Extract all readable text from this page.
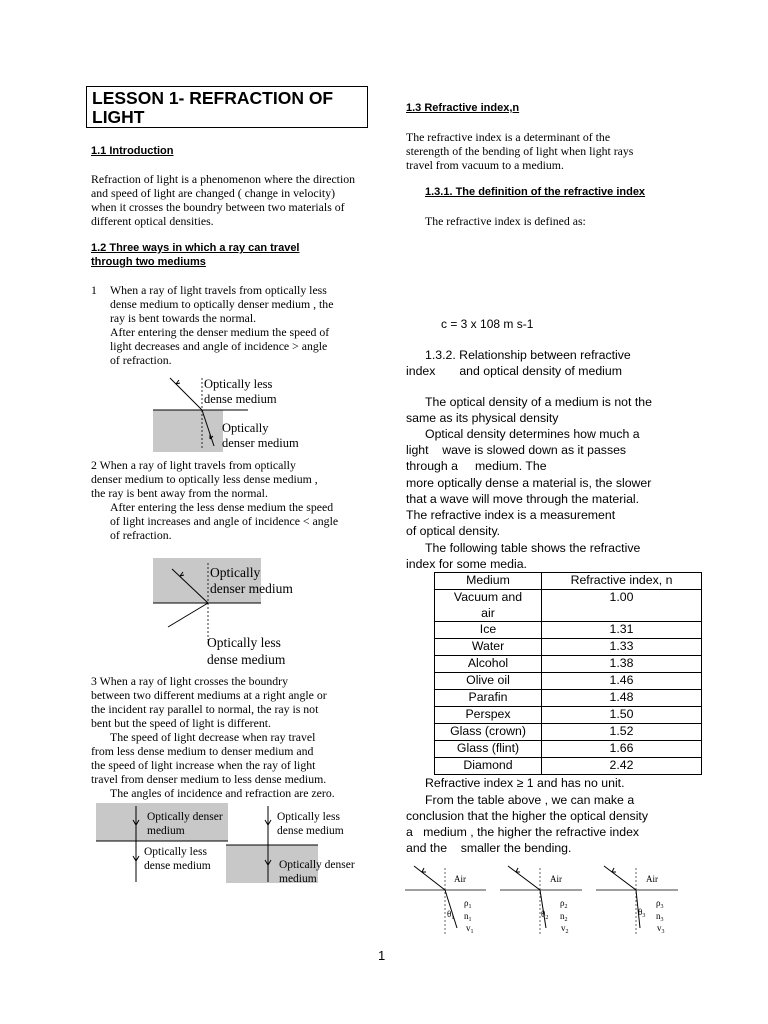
LESSON 1- REFRACTION OF LIGHT
1.1 Introduction
Refraction of light is a phenomenon where the direction and speed of light are changed ( change in velocity) when it crosses the boundry between two materials of different optical densities.
1.2 Three ways in which a ray can travel
through two mediums
1 When a ray of light travels from optically less
dense medium to optically denser medium , the
ray is bent towards the normal.
After entering the denser medium the speed of
light decreases and angle of incidence > angle
of refraction.
Optically less
dense medium
Optically
denser medium
2 When a ray of light travels from optically
denser medium to optically less dense medium ,
the ray is bent away from the normal.
After entering the less dense medium the speed
of light increases and angle of incidence < angle
of refraction.
Optically
denser medium
Optically less
dense medium
3 When a ray of light crosses the boundry
between two different mediums at a right angle or
the incident ray parallel to normal, the ray is not
bent but the speed of light is different.
The speed of light decrease when ray travel
from less dense medium to denser medium and
the speed of light increase when the ray of light
travel from denser medium to less dense medium.
The angles of incidence and refraction are zero.
Optically denser
medium
Optically less
dense medium
Optically less
dense medium
Optically denser
medium
1.3 Refractive index,n
The refractive index is a determinant of the
sterength of the bending of light when light rays
travel from vacuum to a medium.
1.3.1. The definition of the refractive index
The refractive index is defined as:
c = 3 x 108 m s-1
1.3.2. Relationship between refractive
index       and optical density of medium
The optical density of a medium is not the
same as its physical density
Optical density determines how much a
light    wave is slowed down as it passes
through a     medium. The
more optically dense a material is, the slower
that a wave will move through the material.
The refractive index is a measurement
of optical density.
The following table shows the refractive
index for some media.
Medium	Refractive index, n

Vacuum and
air	1.00
Ice	1.31
Water	1.33
Alcohol	1.38
Olive oil	1.46
Parafin	1.48
Perspex	1.50
Glass (crown)	1.52
Glass (flint)	1.66
Diamond	2.42
Refractive index ≥ 1 and has no unit.
From the table above , we can make a
conclusion that the higher the optical density
a   medium , the higher the refractive index
and the    smaller the bending.
Air
$\theta_1$
$\rho_1$
$n_1$
$v_1$
Air
$\theta_2$
$\rho_2$
$n_2$
$v_2$
Air
$\theta_3$
$\rho_3$
$n_3$
$v_3$
1
